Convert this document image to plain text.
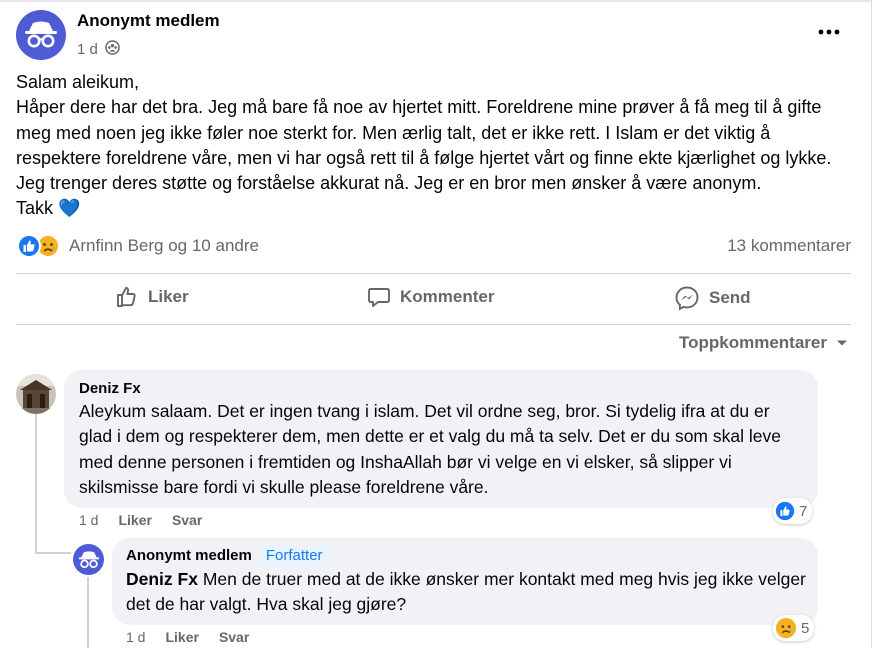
Anonymt medlem
1 d

Salam aleikum,

Håper dere har det bra. Jeg må bare få noe av hjertet mitt. Foreldrene mine prøver å få meg til å gifte meg med noen jeg ikke føler noe sterkt for. Men ærlig talt, det er ikke rett. I Islam er det viktig å respektere foreldrene våre, men vi har også rett til å følge hjertet vårt og finne ekte kjærlighet og lykke. Jeg trenger deres støtte og forståelse akkurat nå. Jeg er en bror men ønsker å være anonym.

Takk 💙

Arnfinn Berg og 10 andre	13 kommentarer
Liker	Kommenter	Send
Toppkommentarer
Deniz Fx
Aleykum salaam. Det er ingen tvang i islam. Det vil ordne seg, bror. Si tydelig ifra at du er glad i dem og respekterer dem, men dette er et valg du må ta selv. Det er du som skal leve med denne personen i fremtiden og InshaAllah bør vi velge en vi elsker, så slipper vi skilsmisse bare fordi vi skulle please foreldrene våre.
7
1 d Liker Svar
Anonymt medlem Forfatter
Deniz Fx Men de truer med at de ikke ønsker mer kontakt med meg hvis jeg ikke velger det de har valgt. Hva skal jeg gjøre?
5
1 d Liker Svar
